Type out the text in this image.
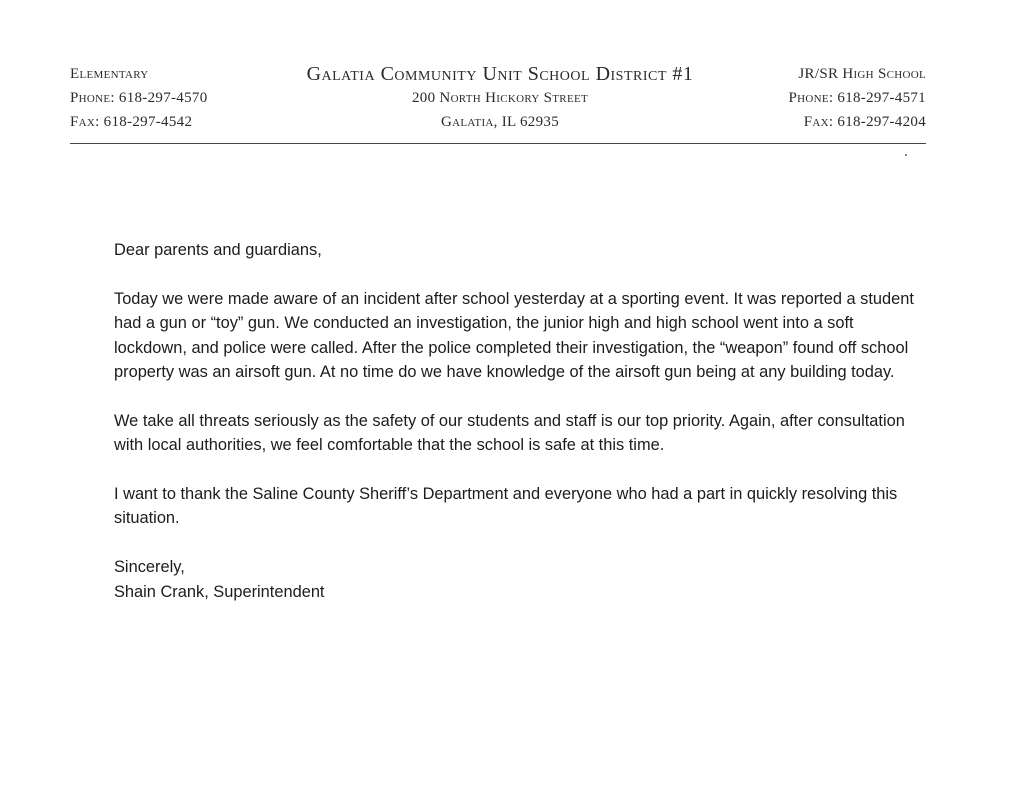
Elementary
Phone: 618-297-4570
Fax: 618-297-4542
Galatia Community Unit School District #1
200 North Hickory Street
Galatia, IL 62935
JR/SR High School
Phone: 618-297-4571
Fax: 618-297-4204

Dear parents and guardians,

Today we were made aware of an incident after school yesterday at a sporting event. It was reported a student had a gun or “toy” gun. We conducted an investigation, the junior high and high school went into a soft lockdown, and police were called. After the police completed their investigation, the “weapon” found off school property was an airsoft gun. At no time do we have knowledge of the airsoft gun being at any building today.

We take all threats seriously as the safety of our students and staff is our top priority. Again, after consultation with local authorities, we feel comfortable that the school is safe at this time.

I want to thank the Saline County Sheriff’s Department and everyone who had a part in quickly resolving this situation.

Sincerely,

Shain Crank, Superintendent
